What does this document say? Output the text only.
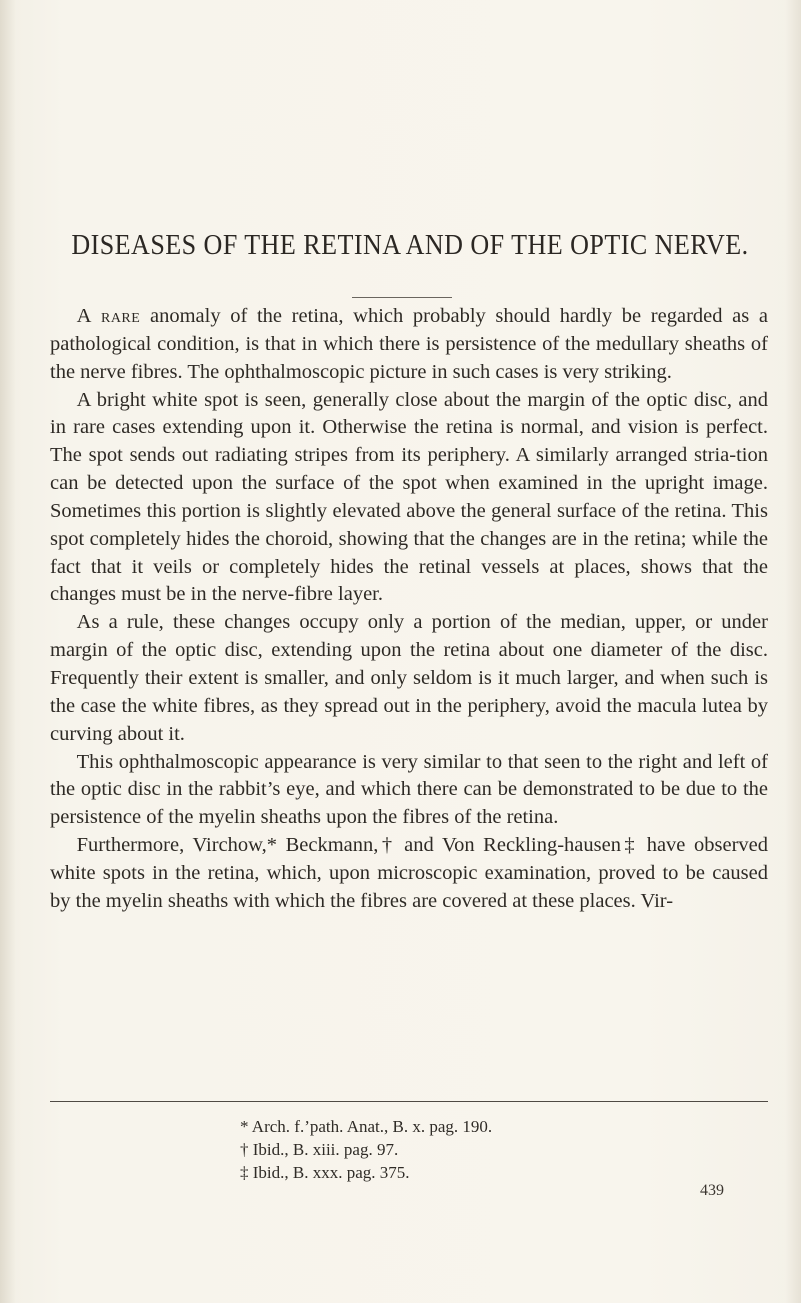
DISEASES OF THE RETINA AND OF THE OPTIC NERVE.

A rare anomaly of the retina, which probably should hardly be regarded as a pathological condition, is that in which there is persistence of the medullary sheaths of the nerve fibres. The ophthalmoscopic picture in such cases is very striking.

A bright white spot is seen, generally close about the margin of the optic disc, and in rare cases extending upon it. Otherwise the retina is normal, and vision is perfect. The spot sends out radiating stripes from its periphery. A similarly arranged stria-tion can be detected upon the surface of the spot when examined in the upright image. Sometimes this portion is slightly elevated above the general surface of the retina. This spot completely hides the choroid, showing that the changes are in the retina; while the fact that it veils or completely hides the retinal vessels at places, shows that the changes must be in the nerve-fibre layer.

As a rule, these changes occupy only a portion of the median, upper, or under margin of the optic disc, extending upon the retina about one diameter of the disc. Frequently their extent is smaller, and only seldom is it much larger, and when such is the case the white fibres, as they spread out in the periphery, avoid the macula lutea by curving about it.

This ophthalmoscopic appearance is very similar to that seen to the right and left of the optic disc in the rabbit’s eye, and which there can be demonstrated to be due to the persistence of the myelin sheaths upon the fibres of the retina.

Furthermore, Virchow,* Beckmann,† and Von Reckling-hausen‡ have observed white spots in the retina, which, upon microscopic examination, proved to be caused by the myelin sheaths with which the fibres are covered at these places. Vir-

* Arch. f.’path. Anat., B. x. pag. 190.
† Ibid., B. xiii. pag. 97.
‡ Ibid., B. xxx. pag. 375.
439
